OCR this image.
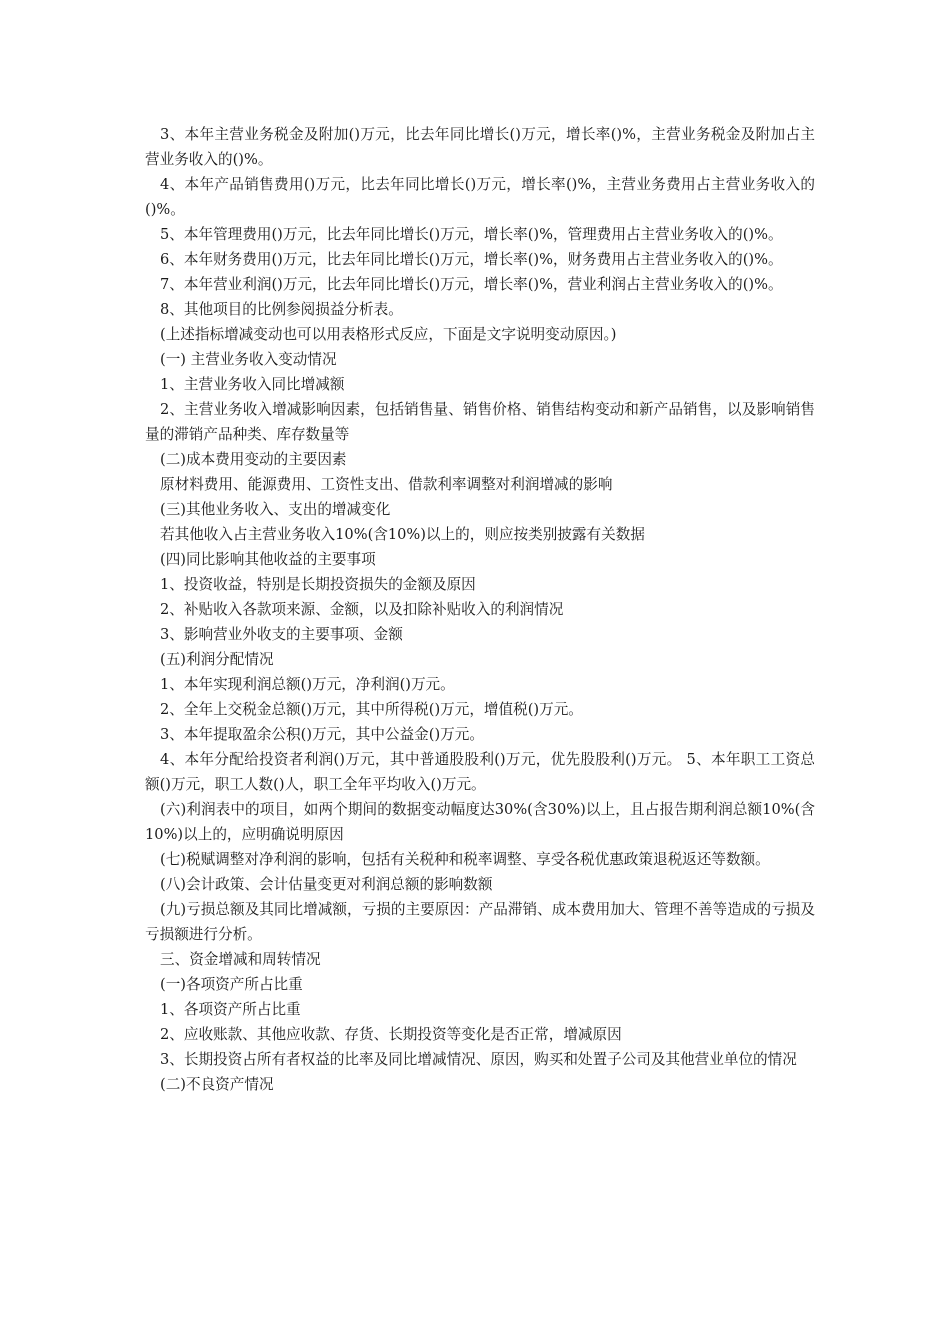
3、本年主营业务税金及附加()万元，比去年同比增长()万元，增长率()%，主营业务税金及附加占主营业务收入的()%。

4、本年产品销售费用()万元，比去年同比增长()万元，增长率()%，主营业务费用占主营业务收入的()%。

5、本年管理费用()万元，比去年同比增长()万元，增长率()%，管理费用占主营业务收入的()%。

6、本年财务费用()万元，比去年同比增长()万元，增长率()%，财务费用占主营业务收入的()%。

7、本年营业利润()万元，比去年同比增长()万元，增长率()%，营业利润占主营业务收入的()%。

8、其他项目的比例参阅损益分析表。

(上述指标增减变动也可以用表格形式反应，下面是文字说明变动原因。)

(一) 主营业务收入变动情况

1、主营业务收入同比增减额

2、主营业务收入增减影响因素，包括销售量、销售价格、销售结构变动和新产品销售，以及影响销售量的滞销产品种类、库存数量等

(二)成本费用变动的主要因素

原材料费用、能源费用、工资性支出、借款利率调整对利润增减的影响

(三)其他业务收入、支出的增减变化

若其他收入占主营业务收入10%(含10%)以上的，则应按类别披露有关数据

(四)同比影响其他收益的主要事项

1、投资收益，特别是长期投资损失的金额及原因

2、补贴收入各款项来源、金额，以及扣除补贴收入的利润情况

3、影响营业外收支的主要事项、金额

(五)利润分配情况

1、本年实现利润总额()万元，净利润()万元。

2、全年上交税金总额()万元，其中所得税()万元，增值税()万元。

3、本年提取盈余公积()万元，其中公益金()万元。

4、本年分配给投资者利润()万元，其中普通股股利()万元，优先股股利()万元。 5、本年职工工资总额()万元，职工人数()人，职工全年平均收入()万元。

(六)利润表中的项目，如两个期间的数据变动幅度达30%(含30%)以上，且占报告期利润总额10%(含10%)以上的，应明确说明原因

(七)税赋调整对净利润的影响，包括有关税种和税率调整、享受各税优惠政策退税返还等数额。

(八)会计政策、会计估量变更对利润总额的影响数额

(九)亏损总额及其同比增减额，亏损的主要原因：产品滞销、成本费用加大、管理不善等造成的亏损及亏损额进行分析。

三、资金增减和周转情况

(一)各项资产所占比重

1、各项资产所占比重

2、应收账款、其他应收款、存货、长期投资等变化是否正常，增减原因

3、长期投资占所有者权益的比率及同比增减情况、原因，购买和处置子公司及其他营业单位的情况

(二)不良资产情况
